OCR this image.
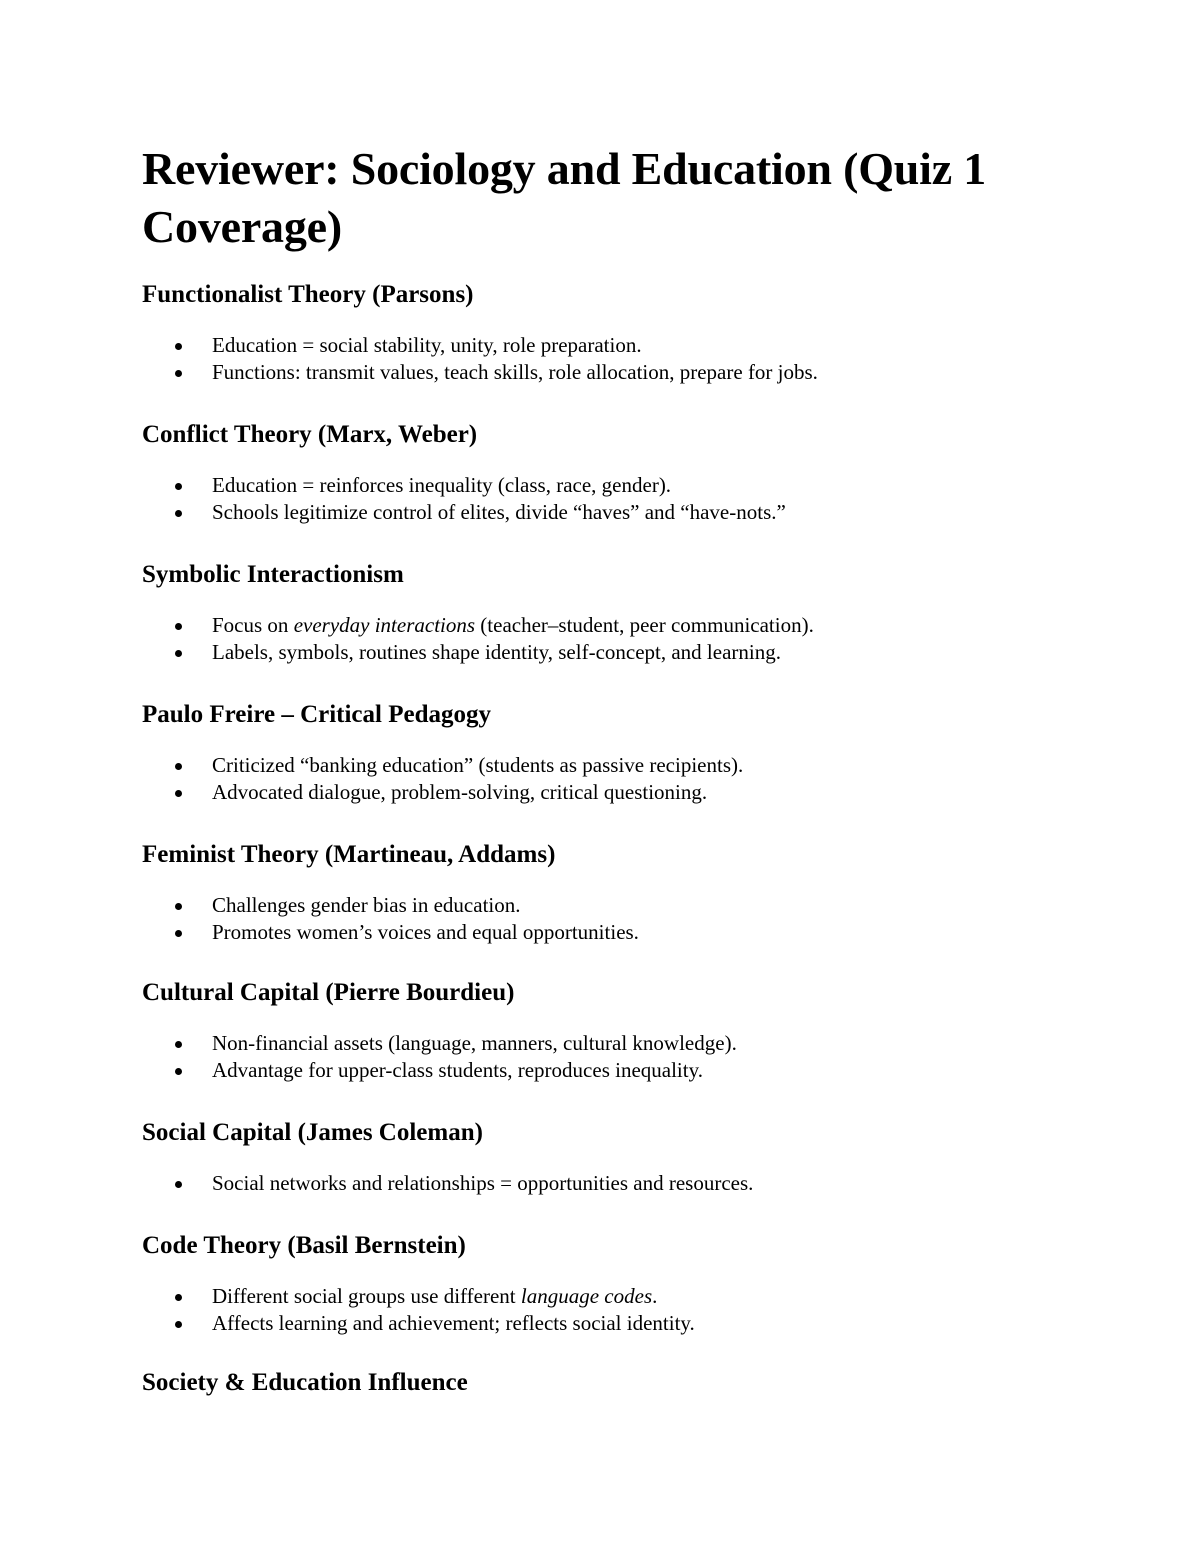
Reviewer: Sociology and Education (Quiz 1 Coverage)
Functionalist Theory (Parsons)
Education = social stability, unity, role preparation.
Functions: transmit values, teach skills, role allocation, prepare for jobs.
Conflict Theory (Marx, Weber)
Education = reinforces inequality (class, race, gender).
Schools legitimize control of elites, divide “haves” and “have-nots.”
Symbolic Interactionism
Focus on everyday interactions (teacher–student, peer communication).
Labels, symbols, routines shape identity, self-concept, and learning.
Paulo Freire – Critical Pedagogy
Criticized “banking education” (students as passive recipients).
Advocated dialogue, problem-solving, critical questioning.
Feminist Theory (Martineau, Addams)
Challenges gender bias in education.
Promotes women’s voices and equal opportunities.
Cultural Capital (Pierre Bourdieu)
Non-financial assets (language, manners, cultural knowledge).
Advantage for upper-class students, reproduces inequality.
Social Capital (James Coleman)
Social networks and relationships = opportunities and resources.
Code Theory (Basil Bernstein)
Different social groups use different language codes.
Affects learning and achievement; reflects social identity.
Society & Education Influence
